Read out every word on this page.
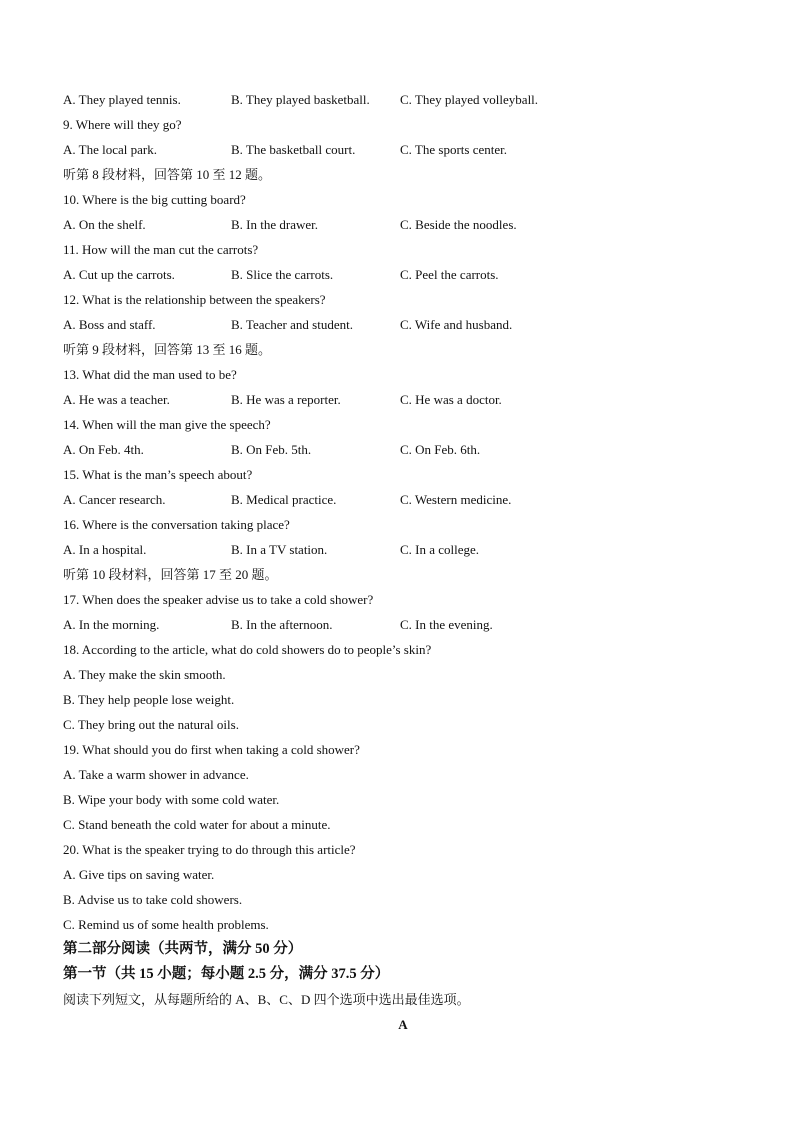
A. They played tennis.	B. They played basketball. C. They played volleyball.
9. Where will they go?
A. The local park.	B. The basketball court.	C. The sports center.
听第 8 段材料，回答第 10 至 12 题。
10. Where is the big cutting board?
A. On the shelf.	B. In the drawer.	C. Beside the noodles.
11. How will the man cut the carrots?
A. Cut up the carrots.	B. Slice the carrots.	C. Peel the carrots.
12. What is the relationship between the speakers?
A. Boss and staff.	B. Teacher and student.	C. Wife and husband.
听第 9 段材料，回答第 13 至 16 题。
13. What did the man used to be?
A. He was a teacher.	B. He was a reporter.	C. He was a doctor.
14. When will the man give the speech?
A. On Feb. 4th.	B. On Feb. 5th.	C. On Feb. 6th.
15. What is the man’s speech about?
A. Cancer research.	B. Medical practice.	C. Western medicine.
16. Where is the conversation taking place?
A. In a hospital.	B. In a TV station.	C. In a college.
听第 10 段材料，回答第 17 至 20 题。
17. When does the speaker advise us to take a cold shower?
A. In the morning.	B. In the afternoon.	C. In the evening.
18. According to the article, what do cold showers do to people’s skin?
A. They make the skin smooth.
B. They help people lose weight.
C. They bring out the natural oils.
19. What should you do first when taking a cold shower?
A. Take a warm shower in advance.
B. Wipe your body with some cold water.
C. Stand beneath the cold water for about a minute.
20. What is the speaker trying to do through this article?
A. Give tips on saving water.
B. Advise us to take cold showers.
C. Remind us of some health problems.
第二部分阅读（共两节，满分 50 分）
第一节（共 15 小题；每小题 2.5 分，满分 37.5 分）
阅读下列短文，从每题所给的 A、B、C、D 四个选项中选出最佳选项。
A
